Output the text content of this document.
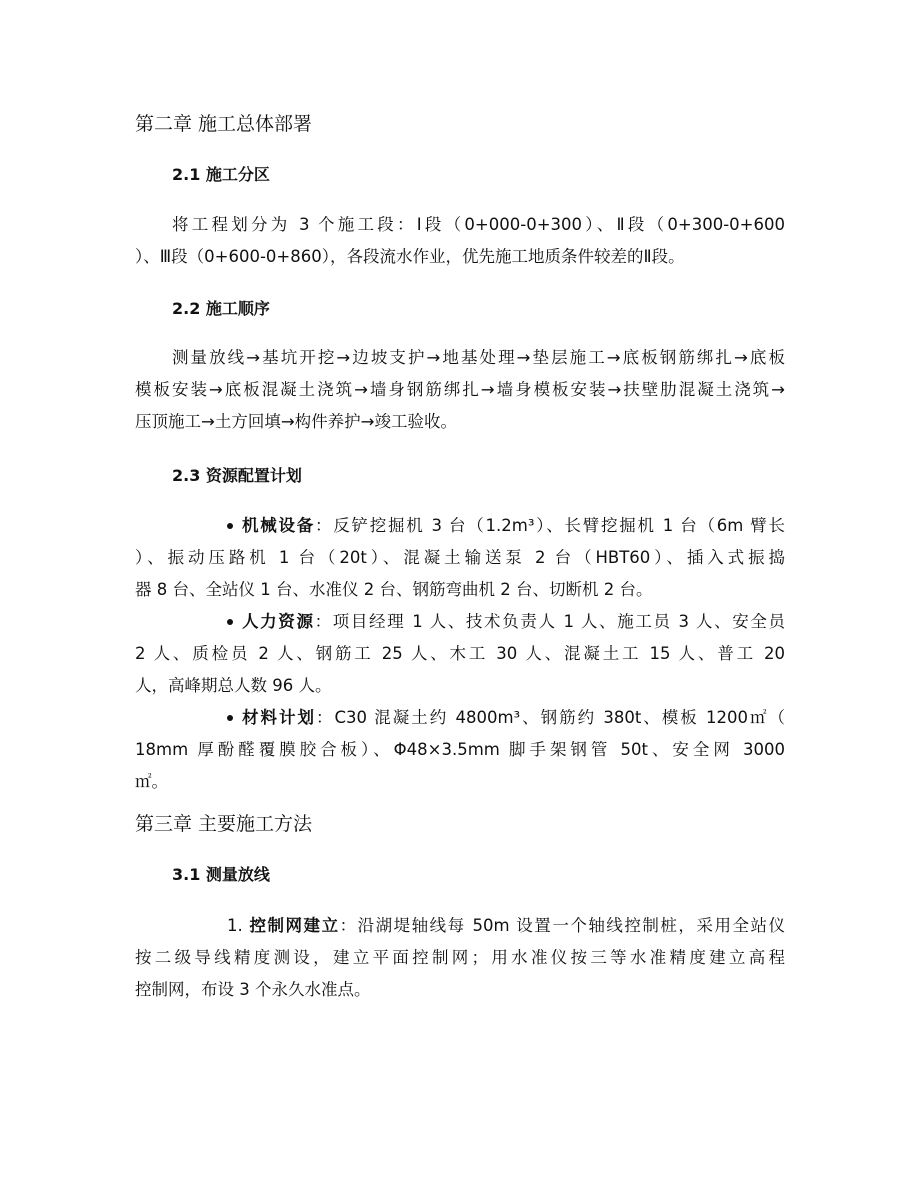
第二章 施工总体部署
2.1 施工分区
将工程划分为 3 个施工段：Ⅰ段（0+000-0+300）、Ⅱ段（0+300-0+600
）、Ⅲ段（0+600-0+860），各段流水作业，优先施工地质条件较差的Ⅱ段。
2.2 施工顺序
测量放线→基坑开挖→边坡支护→地基处理→垫层施工→底板钢筋绑扎→底板
模板安装→底板混凝土浇筑→墙身钢筋绑扎→墙身模板安装→扶壁肋混凝土浇筑→
压顶施工→土方回填→构件养护→竣工验收。
2.3 资源配置计划
机械设备：反铲挖掘机 3 台（1.2m³）、长臂挖掘机 1 台（6m 臂长
）、振动压路机 1 台（20t）、混凝土输送泵 2 台（HBT60）、插入式振捣
器 8 台、全站仪 1 台、水准仪 2 台、钢筋弯曲机 2 台、切断机 2 台。
人力资源：项目经理 1 人、技术负责人 1 人、施工员 3 人、安全员
2 人、质检员 2 人、钢筋工 25 人、木工 30 人、混凝土工 15 人、普工 20
人，高峰期总人数 96 人。
材料计划：C30 混凝土约 4800m³、钢筋约 380t、模板 1200㎡（
18mm 厚酚醛覆膜胶合板）、Φ48×3.5mm 脚手架钢管 50t、安全网 3000
㎡。
第三章 主要施工方法
3.1 测量放线
1. 控制网建立：沿湖堤轴线每 50m 设置一个轴线控制桩，采用全站仪
按二级导线精度测设，建立平面控制网；用水准仪按三等水准精度建立高程
控制网，布设 3 个永久水准点。
